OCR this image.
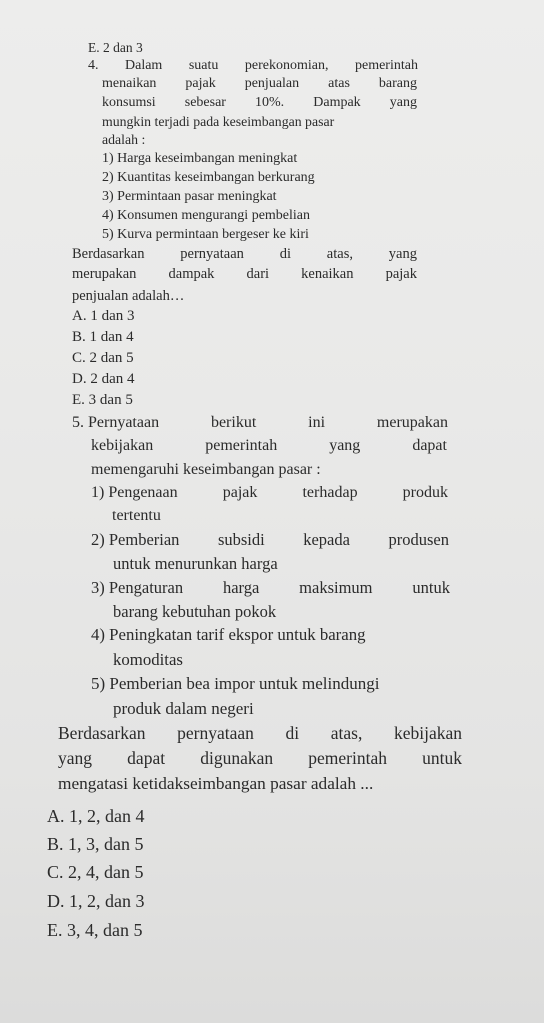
E. 2 dan 3

4. Dalam suatu perekonomian, pemerintah
menaikan pajak penjualan atas barang
konsumsi sebesar 10%. Dampak yang

mungkin terjadi pada keseimbangan pasar

adalah :

1) Harga keseimbangan meningkat

2) Kuantitas keseimbangan berkurang

3) Permintaan pasar meningkat

4) Konsumen mengurangi pembelian

5) Kurva permintaan bergeser ke kiri

Berdasarkan pernyataan di atas, yang
merupakan dampak dari kenaikan pajak

penjualan adalah…

A. 1 dan 3

B. 1 dan 4

C. 2 dan 5

D. 2 dan 4

E. 3 dan 5

5. Pernyataan	berikut	ini	merupakan
kebijakan	pemerintah	yang	dapat

memengaruhi keseimbangan pasar :

1) Pengenaan	pajak	terhadap	produk

tertentu

2) Pemberian subsidi kepada produsen

untuk menurunkan harga

3) Pengaturan harga maksimum untuk

barang kebutuhan pokok

4) Peningkatan tarif ekspor untuk barang

komoditas

5) Pemberian bea impor untuk melindungi

produk dalam negeri

Berdasarkan pernyataan di atas, kebijakan
yang dapat digunakan pemerintah untuk

mengatasi ketidakseimbangan pasar adalah ...

A. 1, 2, dan 4

B. 1, 3, dan 5

C. 2, 4, dan 5

D. 1, 2, dan 3

E. 3, 4, dan 5
